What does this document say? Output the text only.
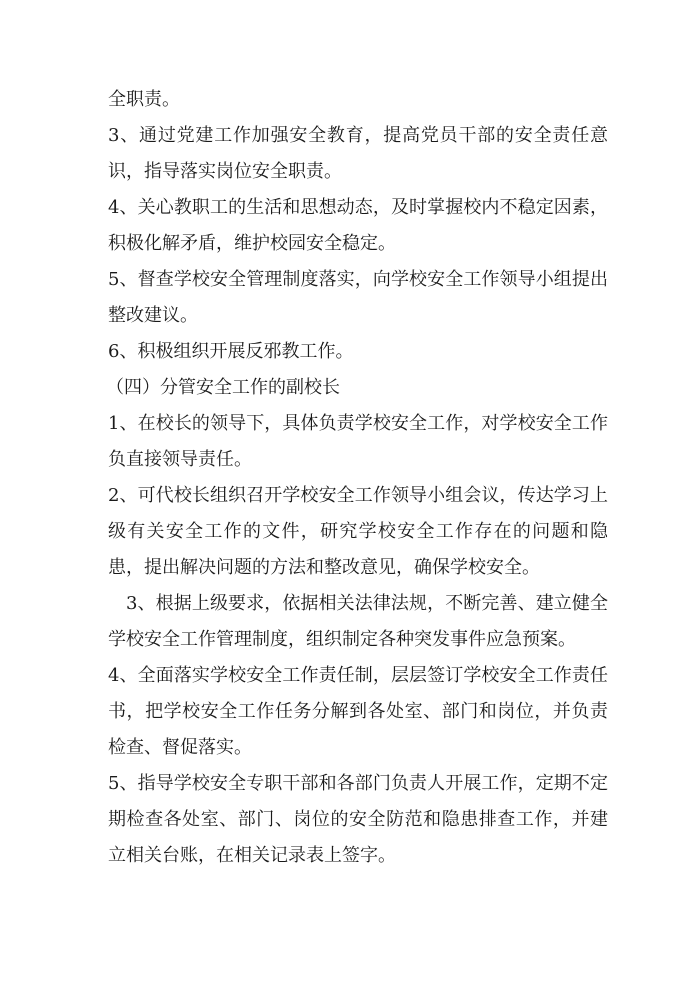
全职责。

3、通过党建工作加强安全教育，提高党员干部的安全责任意识，指导落实岗位安全职责。

4、关心教职工的生活和思想动态，及时掌握校内不稳定因素，积极化解矛盾，维护校园安全稳定。

5、督查学校安全管理制度落实，向学校安全工作领导小组提出整改建议。

6、积极组织开展反邪教工作。

（四）分管安全工作的副校长

1、在校长的领导下，具体负责学校安全工作，对学校安全工作负直接领导责任。

2、可代校长组织召开学校安全工作领导小组会议，传达学习上级有关安全工作的文件，研究学校安全工作存在的问题和隐患，提出解决问题的方法和整改意见，确保学校安全。

3、根据上级要求，依据相关法律法规，不断完善、建立健全学校安全工作管理制度，组织制定各种突发事件应急预案。

4、全面落实学校安全工作责任制，层层签订学校安全工作责任书，把学校安全工作任务分解到各处室、部门和岗位，并负责检查、督促落实。

5、指导学校安全专职干部和各部门负责人开展工作，定期不定期检查各处室、部门、岗位的安全防范和隐患排查工作，并建立相关台账，在相关记录表上签字。
